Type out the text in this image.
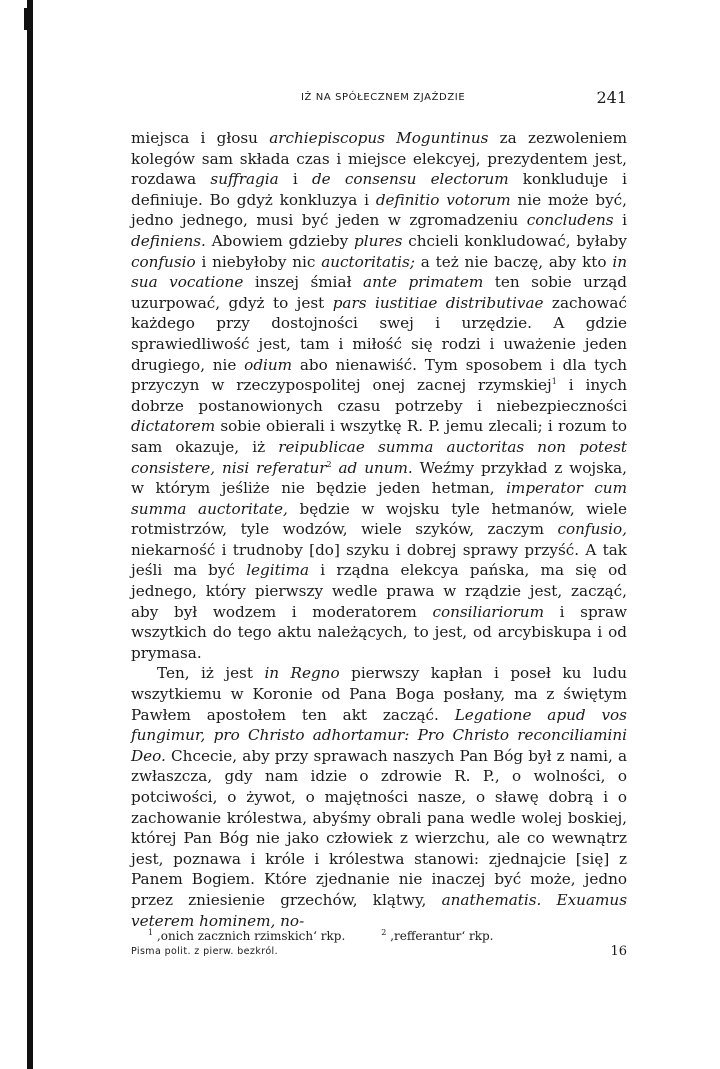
IŻ NA SPÓŁECZNEM ZJAŹDZIE	241

miejsca i głosu archiepiscopus Moguntinus za zezwoleniem kolegów sam składa czas i miejsce elekcyej, prezydentem jest, rozdawa suffragia i de consensu electorum konkluduje i definiuje. Bo gdyż konkluzya i definitio votorum nie może być, jedno jednego, musi być jeden w zgromadzeniu concludens i definiens. Abowiem gdzieby plures chcieli konkludować, byłaby confusio i niebyłoby nic auctoritatis; a też nie baczę, aby kto in sua vocatione inszej śmiał ante primatem ten sobie urząd uzurpować, gdyż to jest pars iustitiae distributivae zachować każdego przy dostojności swej i urzędzie. A gdzie sprawiedliwość jest, tam i miłość się rodzi i uważenie jeden drugiego, nie odium abo nienawiść. Tym sposobem i dla tych przyczyn w rzeczypospolitej onej zacnej rzymskiej$^1$ i inych dobrze postanowionych czasu potrzeby i niebezpieczności dictatorem sobie obierali i wszytkę R. P. jemu zlecali; i rozum to sam okazuje, iż reipublicae summa auctoritas non potest consistere, nisi referatur$^2$ ad unum. Weźmy przykład z wojska, w którym jeśliże nie będzie jeden hetman, imperator cum summa auctoritate, będzie w wojsku tyle hetmanów, wiele rotmistrzów, tyle wodzów, wiele szyków, zaczym confusio, niekarność i trudnoby [do] szyku i dobrej sprawy przyść. A tak jeśli ma być legitima i rządna elekcya pańska, ma się od jednego, który pierwszy wedle prawa w rządzie jest, zacząć, aby był wodzem i moderatorem consiliariorum i spraw wszytkich do tego aktu należących, to jest, od arcybiskupa i od prymasa.

Ten, iż jest in Regno pierwszy kapłan i poseł ku ludu wszytkiemu w Koronie od Pana Boga posłany, ma z świętym Pawłem apostołem ten akt zacząć. Legatione apud vos fungimur, pro Christo adhortamur: Pro Christo reconciliamini Deo. Chcecie, aby przy sprawach naszych Pan Bóg był z nami, a zwłaszcza, gdy nam idzie o zdrowie R. P., o wolności, o potciwości, o żywot, o majętności nasze, o sławę dobrą i o zachowanie królestwa, abyśmy obrali pana wedle wolej boskiej, której Pan Bóg nie jako człowiek z wierzchu, ale co wewnątrz jest, poznawa i króle i królestwa stanowi: zjednajcie [się] z Panem Bogiem. Które zjednanie nie inaczej być może, jedno przez zniesienie grzechów, klątwy, anathematis. Exuamus veterem hominem, no-

$^1$ ‚onich zacznich rzimskich‘ rkp.	$^2$ ‚refferantur‘ rkp.
Pisma polit. z pierw. bezkról.	16
